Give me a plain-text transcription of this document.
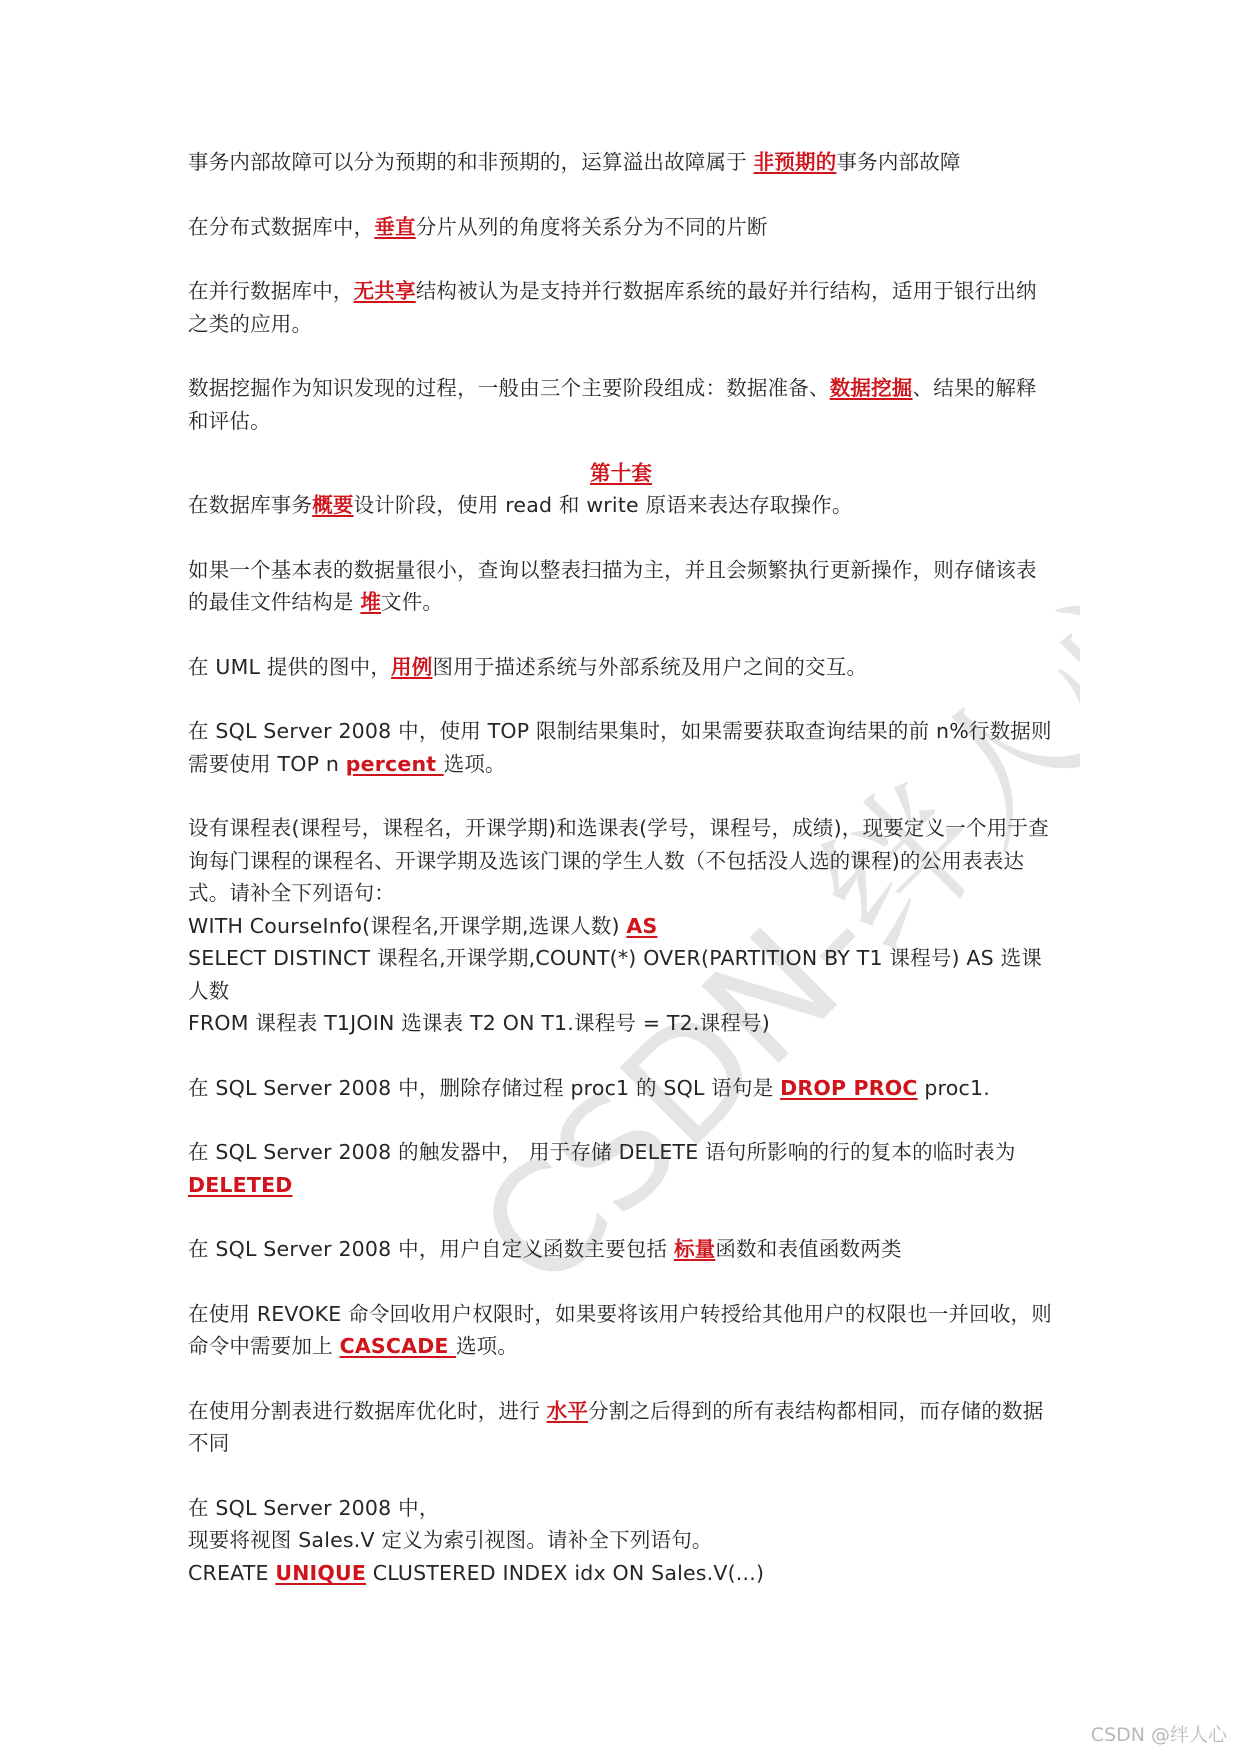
CSDN-绊人心

事务内部故障可以分为预期的和非预期的，运算溢出故障属于 非预期的事务内部故障

在分布式数据库中，垂直分片从列的角度将关系分为不同的片断

在并行数据库中，无共享结构被认为是支持并行数据库系统的最好并行结构，适用于银行出纳之类的应用。

数据挖掘作为知识发现的过程，一般由三个主要阶段组成：数据准备、数据挖掘、结果的解释和评估。

第十套

在数据库事务概要设计阶段，使用 read 和 write 原语来表达存取操作。

如果一个基本表的数据量很小，查询以整表扫描为主，并且会频繁执行更新操作，则存储该表的最佳文件结构是 堆文件。

在 UML 提供的图中，用例图用于描述系统与外部系统及用户之间的交互。

在 SQL Server 2008 中，使用 TOP 限制结果集时，如果需要获取查询结果的前 n%行数据则需要使用 TOP n percent 选项。

设有课程表(课程号，课程名，开课学期)和选课表(学号，课程号，成绩)，现要定义一个用于查询每门课程的课程名、开课学期及选该门课的学生人数（不包括没人选的课程)的公用表表达式。请补全下列语句：

WITH CourseInfo(课程名,开课学期,选课人数) AS

SELECT DISTINCT 课程名,开课学期,COUNT(*) OVER(PARTITION BY T1 课程号) AS 选课人数

FROM 课程表 T1JOIN 选课表 T2 ON T1.课程号 = T2.课程号)

在 SQL Server 2008 中，删除存储过程 proc1 的 SQL 语句是 DROP PROC proc1.

在 SQL Server 2008 的触发器中， 用于存储 DELETE 语句所影响的行的复本的临时表为 DELETED

在 SQL Server 2008 中，用户自定义函数主要包括 标量函数和表值函数两类

在使用 REVOKE 命令回收用户权限时，如果要将该用户转授给其他用户的权限也一并回收，则命令中需要加上 CASCADE 选项。

在使用分割表进行数据库优化时，进行 水平分割之后得到的所有表结构都相同，而存储的数据不同

在 SQL Server 2008 中，

现要将视图 Sales.V 定义为索引视图。请补全下列语句。

CREATE UNIQUE CLUSTERED INDEX idx ON Sales.V(...)

CSDN @绊人心
